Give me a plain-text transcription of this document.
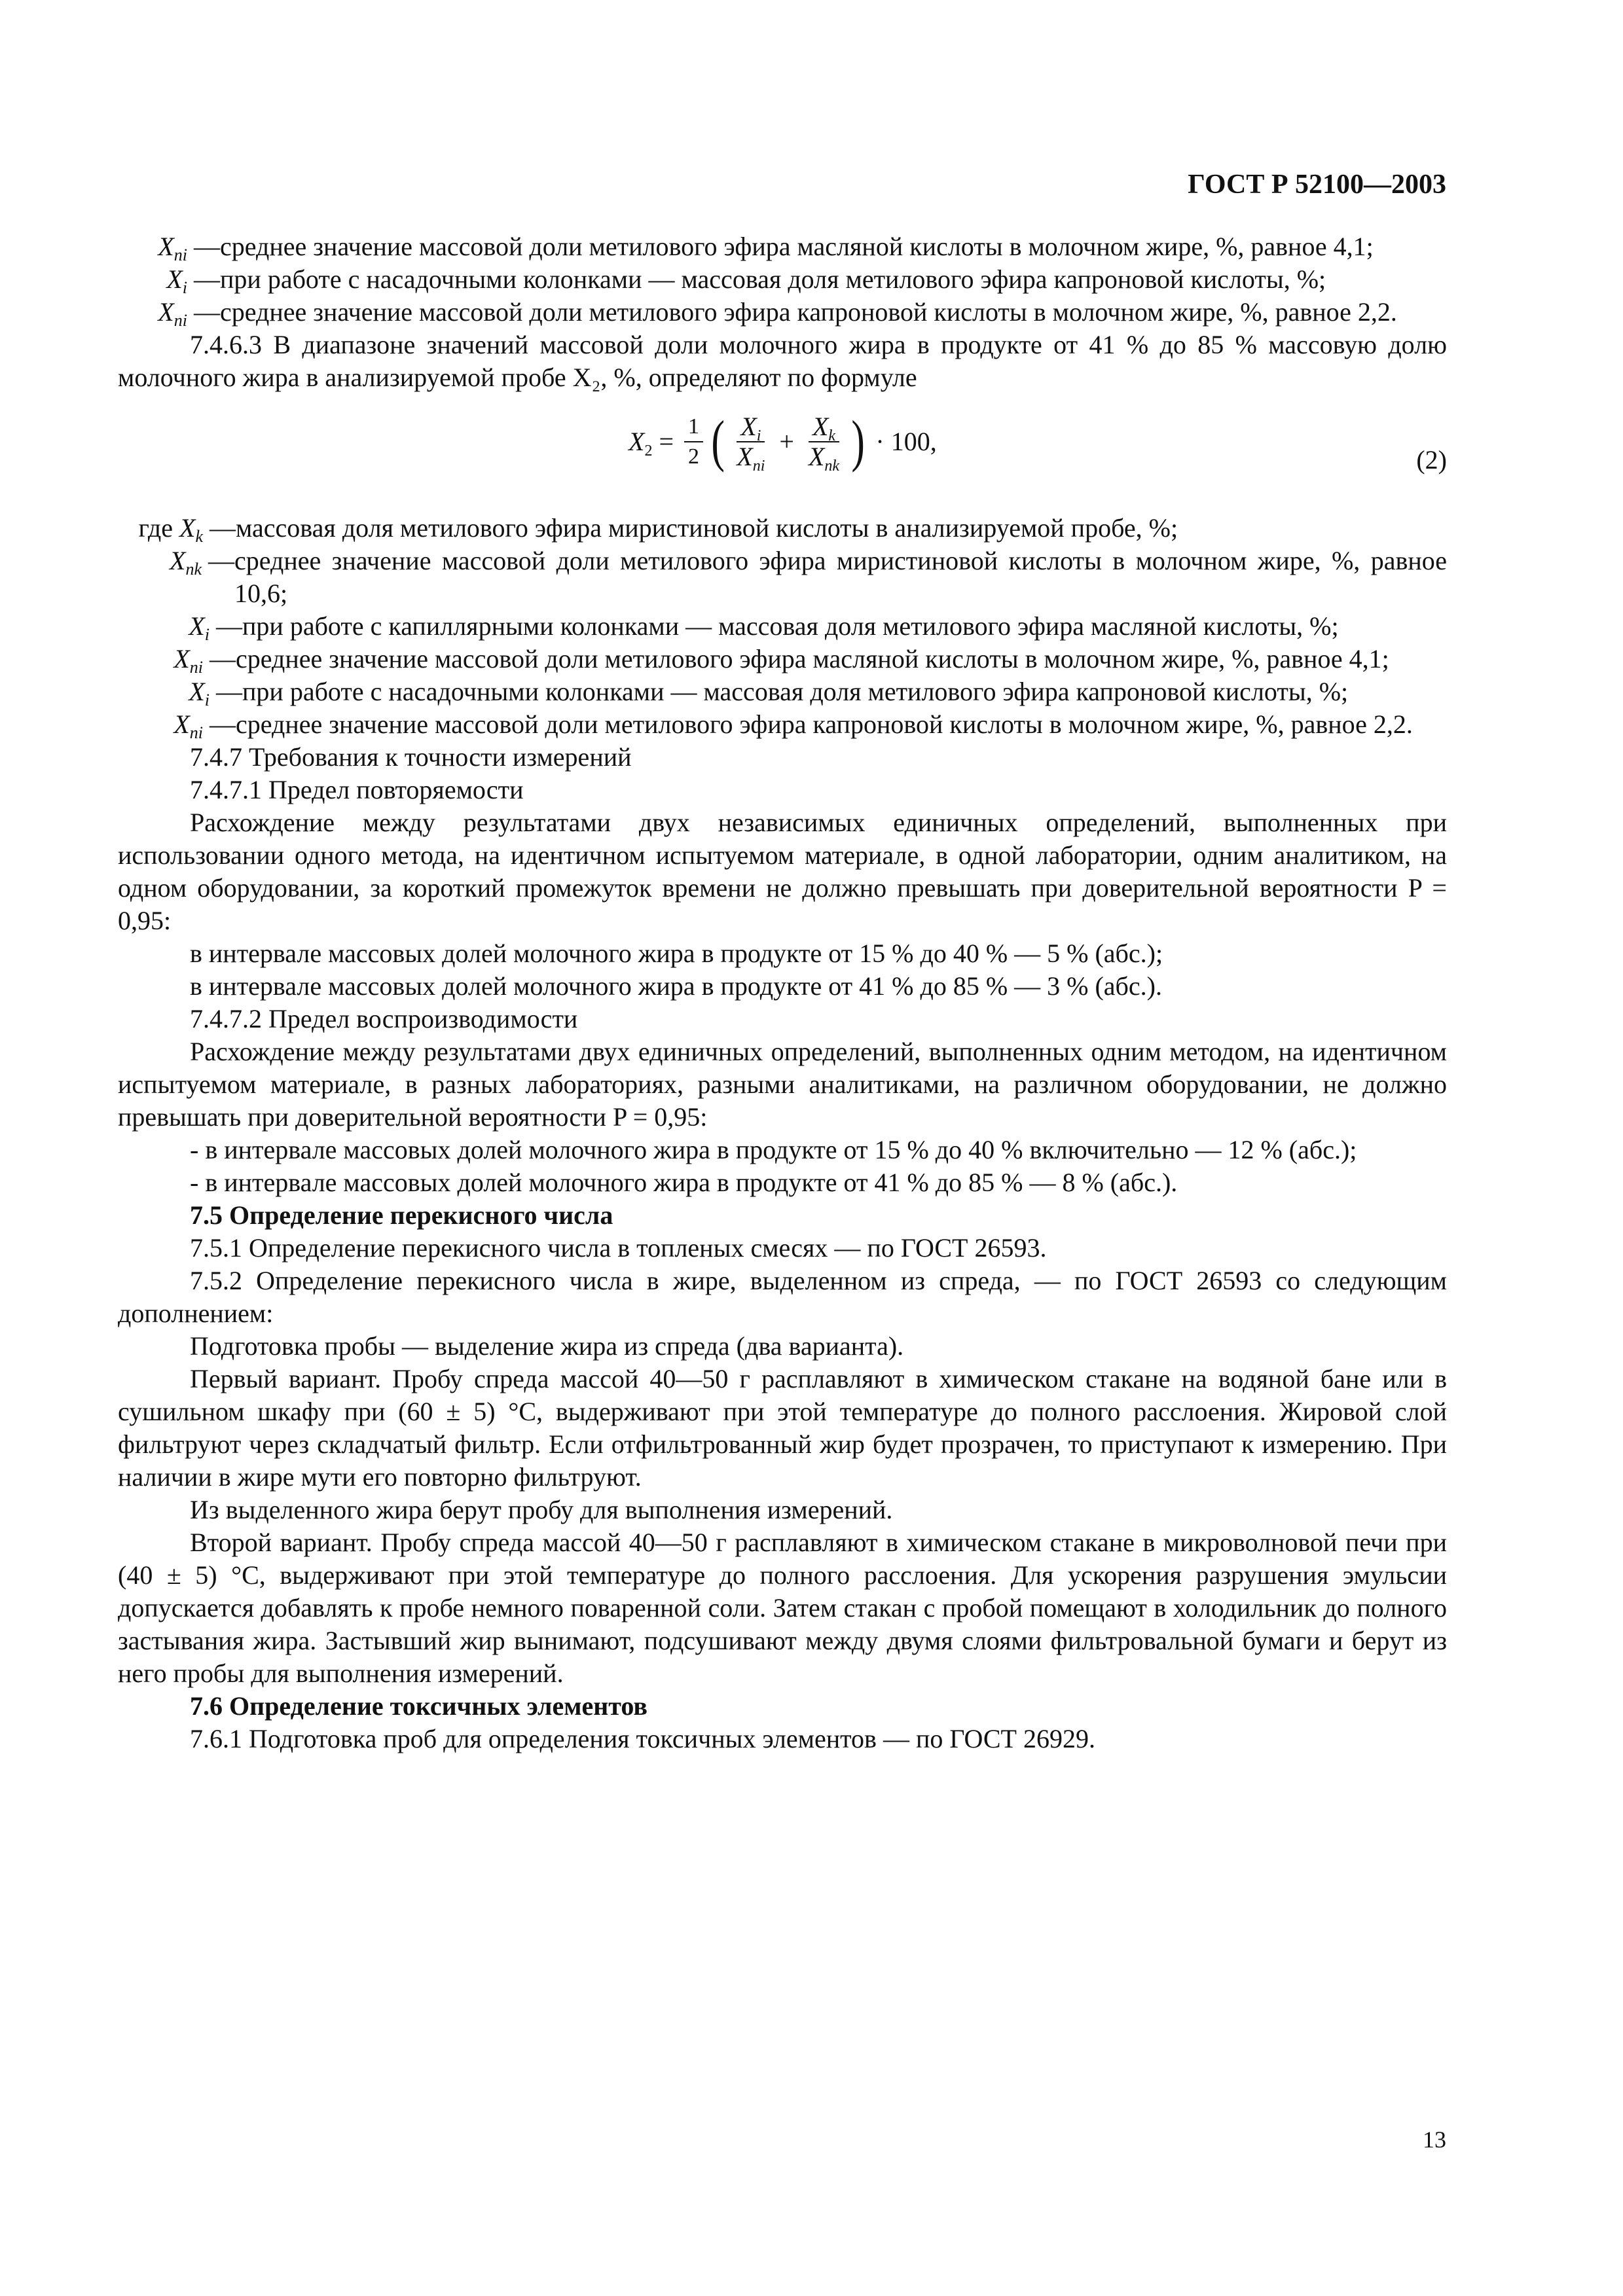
ГОСТ Р 52100—2003
$X_{ni}$ — среднее значение массовой доли метилового эфира масляной кислоты в молочном жире, %, равное 4,1;
$X_i$ — при работе с насадочными колонками — массовая доля метилового эфира капроновой кислоты, %;
$X_{ni}$ — среднее значение массовой доли метилового эфира капроновой кислоты в молочном жире, %, равное 2,2.

7.4.6.3 В диапазоне значений массовой доли молочного жира в продукте от 41 % до 85 % массовую долю молочного жира в анализируемой пробе X₂, %, определяют по формуле

$X_2 = \frac{1}{2}$ ( $\frac{X_i}{X_{ni}} + \frac{X_k}{X_{nk}}$ ) · 100,
(2)
где $X_k$ — массовая доля метилового эфира миристиновой кислоты в анализируемой пробе, %;
$X_{nk}$ — среднее значение массовой доли метилового эфира миристиновой кислоты в молочном жире, %, равное 10,6;
$X_i$ — при работе с капиллярными колонками — массовая доля метилового эфира масляной кислоты, %;
$X_{ni}$ — среднее значение массовой доли метилового эфира масляной кислоты в молочном жире, %, равное 4,1;
$X_i$ — при работе с насадочными колонками — массовая доля метилового эфира капроновой кислоты, %;
$X_{ni}$ — среднее значение массовой доли метилового эфира капроновой кислоты в молочном жире, %, равное 2,2.

7.4.7 Требования к точности измерений

7.4.7.1 Предел повторяемости

Расхождение между результатами двух независимых единичных определений, выполненных при использовании одного метода, на идентичном испытуемом материале, в одной лаборатории, одним аналитиком, на одном оборудовании, за короткий промежуток времени не должно превышать при доверительной вероятности P = 0,95:

в интервале массовых долей молочного жира в продукте от 15 % до 40 % — 5 % (абс.);

в интервале массовых долей молочного жира в продукте от 41 % до 85 % — 3 % (абс.).

7.4.7.2 Предел воспроизводимости

Расхождение между результатами двух единичных определений, выполненных одним методом, на идентичном испытуемом материале, в разных лабораториях, разными аналитиками, на различном оборудовании, не должно превышать при доверительной вероятности P = 0,95:

- в интервале массовых долей молочного жира в продукте от 15 % до 40 % включительно — 12 % (абс.);

- в интервале массовых долей молочного жира в продукте от 41 % до 85 % — 8 % (абс.).

7.5 Определение перекисного числа

7.5.1 Определение перекисного числа в топленых смесях — по ГОСТ 26593.

7.5.2 Определение перекисного числа в жире, выделенном из спреда, — по ГОСТ 26593 со следующим дополнением:

Подготовка пробы — выделение жира из спреда (два варианта).

Первый вариант. Пробу спреда массой 40—50 г расплавляют в химическом стакане на водяной бане или в сушильном шкафу при (60 ± 5) °C, выдерживают при этой температуре до полного расслоения. Жировой слой фильтруют через складчатый фильтр. Если отфильтрованный жир будет прозрачен, то приступают к измерению. При наличии в жире мути его повторно фильтруют.

Из выделенного жира берут пробу для выполнения измерений.

Второй вариант. Пробу спреда массой 40—50 г расплавляют в химическом стакане в микроволновой печи при (40 ± 5) °C, выдерживают при этой температуре до полного расслоения. Для ускорения разрушения эмульсии допускается добавлять к пробе немного поваренной соли. Затем стакан с пробой помещают в холодильник до полного застывания жира. Застывший жир вынимают, подсушивают между двумя слоями фильтровальной бумаги и берут из него пробы для выполнения измерений.

7.6 Определение токсичных элементов

7.6.1 Подготовка проб для определения токсичных элементов — по ГОСТ 26929.

13
